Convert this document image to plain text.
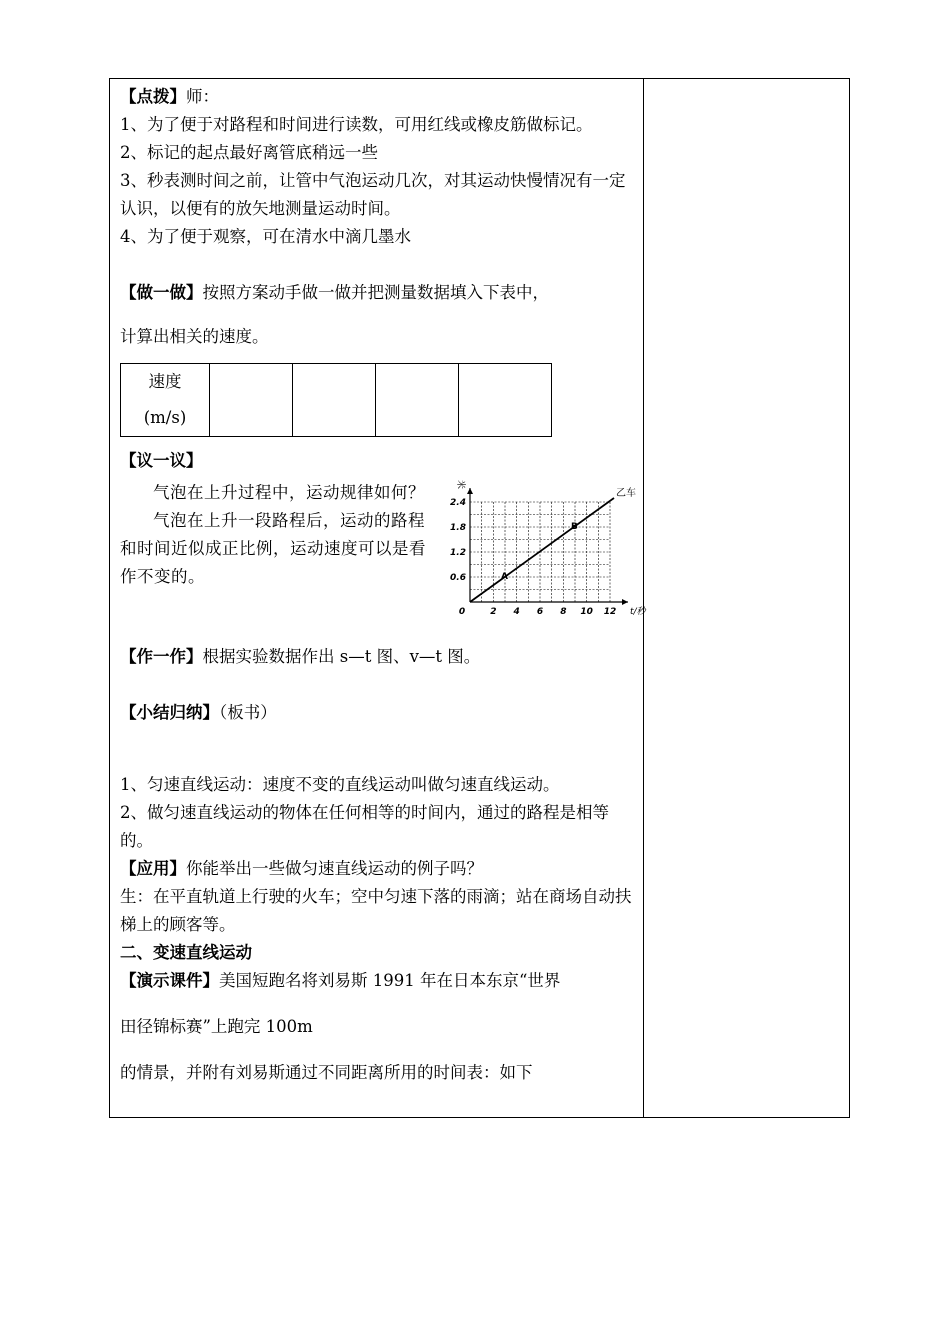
【点拨】师：
1、为了便于对路程和时间进行读数，可用红线或橡皮筋做标记。
2、标记的起点最好离管底稍远一些
3、秒表测时间之前，让管中气泡运动几次，对其运动快慢情况有一定认识，以便有的放矢地测量运动时间。
4、为了便于观察，可在清水中滴几墨水
【做一做】按照方案动手做一做并把测量数据填入下表中，
计算出相关的速度。
速度
(m/s)

【议一议】
气泡在上升过程中，运动规律如何？
气泡在上升一段路程后，运动的路程和时间近似成正比例，运动速度可以是看作不变的。
0	2 4 6 8 10 12
0.6
1.2
1.8
2.4
t/秒
米
乙车
A
B
【作一作】根据实验数据作出 s—t 图、v—t 图。
【小结归纳】（板书）
1、匀速直线运动：速度不变的直线运动叫做匀速直线运动。
2、做匀速直线运动的物体在任何相等的时间内，通过的路程是相等的。
【应用】你能举出一些做匀速直线运动的例子吗？
生：在平直轨道上行驶的火车；空中匀速下落的雨滴；站在商场自动扶梯上的顾客等。
二、变速直线运动
【演示课件】美国短跑名将刘易斯 1991 年在日本东京“世界
田径锦标赛”上跑完 100m
的情景，并附有刘易斯通过不同距离所用的时间表：如下
